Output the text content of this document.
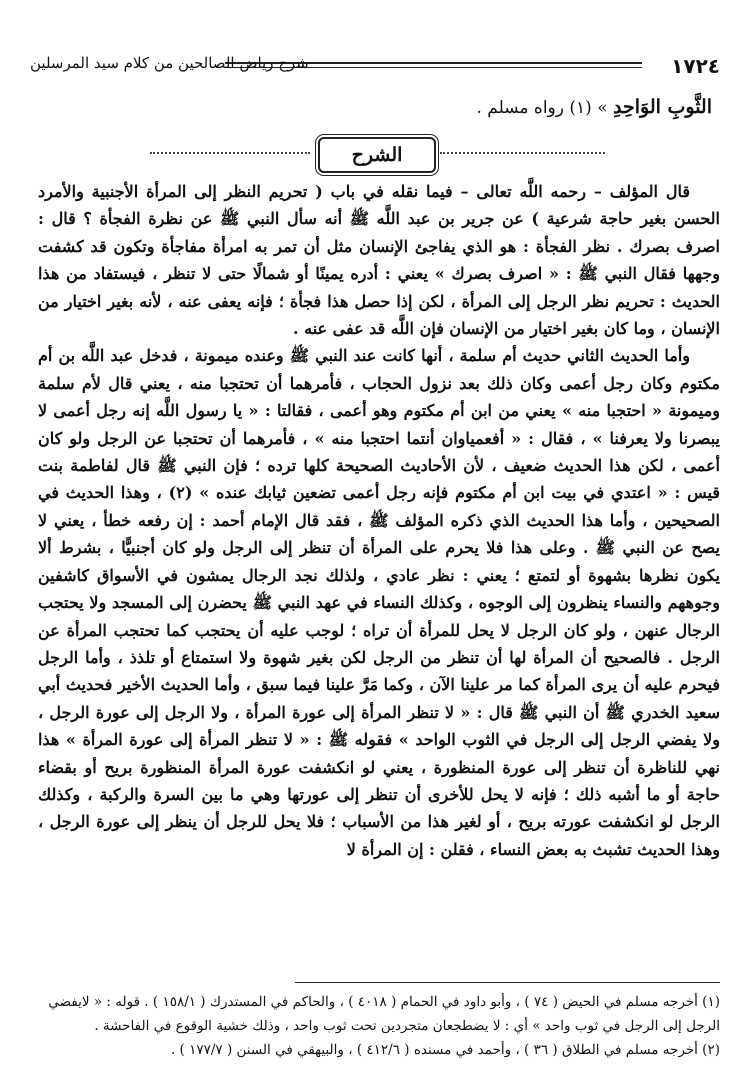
١٧٢٤
شرح رياض الصالحين من كلام سيد المرسلين
الثَّوبِ الوَاحِدِ » (١) رواه مسلم .
الشرح

قال المؤلف – رحمه اللَّه تعالى – فيما نقله في باب ( تحريم النظر إلى المرأة الأجنبية والأمرد الحسن بغير حاجة شرعية ) عن جرير بن عبد اللَّه ﷺ أنه سأل النبي ﷺ عن نظرة الفجأة ؟ قال : اصرف بصرك . نظر الفجأة : هو الذي يفاجئ الإنسان مثل أن تمر به امرأة مفاجأة وتكون قد كشفت وجهها فقال النبي ﷺ : « اصرف بصرك » يعني : أدره يمينًا أو شمالًا حتى لا تنظر ، فيستفاد من هذا الحديث : تحريم نظر الرجل إلى المرأة ، لكن إذا حصل هذا فجأة ؛ فإنه يعفى عنه ، لأنه بغير اختيار من الإنسان ، وما كان بغير اختيار من الإنسان فإن اللَّه قد عفى عنه .

وأما الحديث الثاني حديث أم سلمة ، أنها كانت عند النبي ﷺ وعنده ميمونة ، فدخل عبد اللَّه بن أم مكتوم وكان رجل أعمى وكان ذلك بعد نزول الحجاب ، فأمرهما أن تحتجبا منه ، يعني قال لأم سلمة وميمونة « احتجبا منه » يعني من ابن أم مكتوم وهو أعمى ، فقالتا : « يا رسول اللَّه إنه رجل أعمى لا يبصرنا ولا يعرفنا » ، فقال : « أفعمياوان أنتما احتجبا منه » ، فأمرهما أن تحتجبا عن الرجل ولو كان أعمى ، لكن هذا الحديث ضعيف ، لأن الأحاديث الصحيحة كلها ترده ؛ فإن النبي ﷺ قال لفاطمة بنت قيس : « اعتدي في بيت ابن أم مكتوم فإنه رجل أعمى تضعين ثيابك عنده » (٢) ، وهذا الحديث في الصحيحين ، وأما هذا الحديث الذي ذكره المؤلف ﷺ ، فقد قال الإمام أحمد : إن رفعه خطأ ، يعني لا يصح عن النبي ﷺ . وعلى هذا فلا يحرم على المرأة أن تنظر إلى الرجل ولو كان أجنبيًّا ، بشرط ألا يكون نظرها بشهوة أو لتمتع ؛ يعني : نظر عادي ، ولذلك نجد الرجال يمشون في الأسواق كاشفين وجوههم والنساء ينظرون إلى الوجوه ، وكذلك النساء في عهد النبي ﷺ يحضرن إلى المسجد ولا يحتجب الرجال عنهن ، ولو كان الرجل لا يحل للمرأة أن تراه ؛ لوجب عليه أن يحتجب كما تحتجب المرأة عن الرجل . فالصحيح أن المرأة لها أن تنظر من الرجل لكن بغير شهوة ولا استمتاع أو تلذذ ، وأما الرجل فيحرم عليه أن يرى المرأة كما مر علينا الآن ، وكما مَرَّ علينا فيما سبق ، وأما الحديث الأخير فحديث أبي سعيد الخدري ﷺ أن النبي ﷺ قال : « لا تنظر المرأة إلى عورة المرأة ، ولا الرجل إلى عورة الرجل ، ولا يفضي الرجل إلى الرجل في الثوب الواحد » فقوله ﷺ : « لا تنظر المرأة إلى عورة المرأة » هذا نهي للناظرة أن تنظر إلى عورة المنظورة ، يعني لو انكشفت عورة المرأة المنظورة بريح أو بقضاء حاجة أو ما أشبه ذلك ؛ فإنه لا يحل للأخرى أن تنظر إلى عورتها وهي ما بين السرة والركبة ، وكذلك الرجل لو انكشفت عورته بريح ، أو لغير هذا من الأسباب ؛ فلا يحل للرجل أن ينظر إلى عورة الرجل ، وهذا الحديث تشبث به بعض النساء ، فقلن : إن المرأة لا

(١) أخرجه مسلم في الحيض ( ٧٤ ) ، وأبو داود في الحمام ( ٤٠١٨ ) ، والحاكم في المستدرك ( ١٥٨/١ ) . قوله : « لايفضي الرجل إلى الرجل في ثوب واحد » أي : لا يضطجعان متجردين تحت ثوب واحد ، وذلك خشية الوقوع في الفاحشة .

(٢) أخرجه مسلم في الطلاق ( ٣٦ ) ، وأحمد في مسنده ( ٤١٢/٦ ) ، والبيهقي في السنن ( ١٧٧/٧ ) .
